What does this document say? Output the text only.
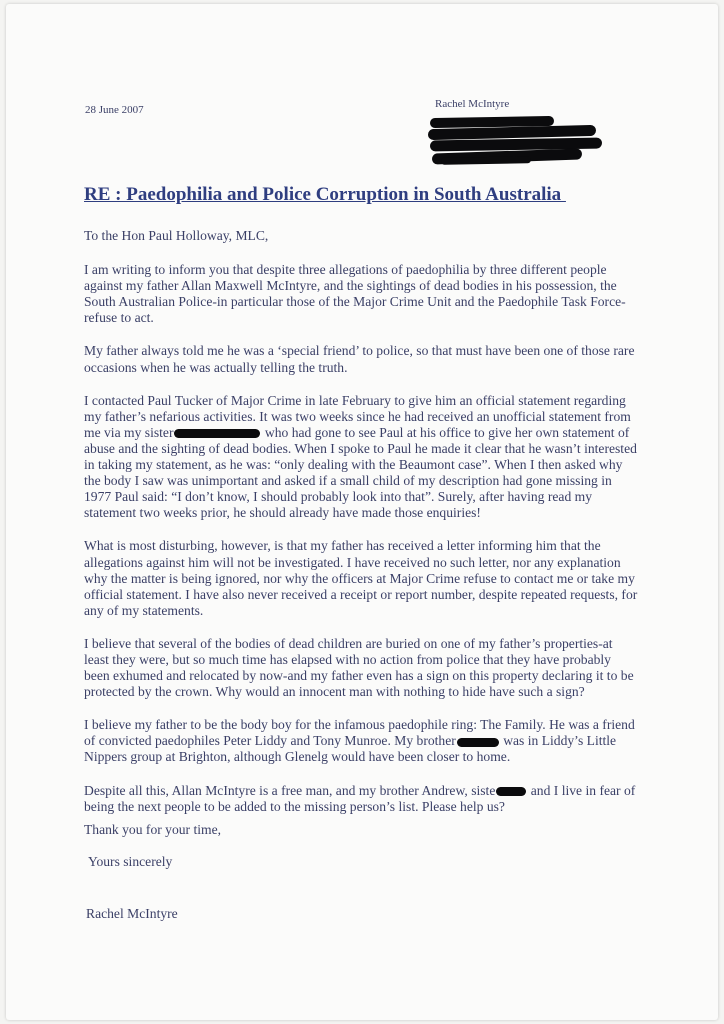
28 June 2007	Rachel McIntyre
RE : Paedophilia and Police Corruption in South Australia

To the Hon Paul Holloway, MLC,

I am writing to inform you that despite three allegations of paedophilia by three different people against my father Allan Maxwell McIntyre, and the sightings of dead bodies in his possession, the South Australian Police-in particular those of the Major Crime Unit and the Paedophile Task Force-refuse to act.

My father always told me he was a ‘special friend’ to police, so that must have been one of those rare occasions when he was actually telling the truth.

I contacted Paul Tucker of Major Crime in late February to give him an official statement regarding my father’s nefarious activities. It was two weeks since he had received an unofficial statement from me via my sister	who had gone to see Paul at his office to give her own statement of abuse and the sighting of dead bodies. When I spoke to Paul he made it clear that he wasn’t interested in taking my statement, as he was: “only dealing with the Beaumont case”. When I then asked why the body I saw was unimportant and asked if a small child of my description had gone missing in 1977 Paul said: “I don’t know, I should probably look into that”. Surely, after having read my statement two weeks prior, he should already have made those enquiries!

What is most disturbing, however, is that my father has received a letter informing him that the allegations against him will not be investigated. I have received no such letter, nor any explanation why the matter is being ignored, nor why the officers at Major Crime refuse to contact me or take my official statement. I have also never received a receipt or report number, despite repeated requests, for any of my statements.

I believe that several of the bodies of dead children are buried on one of my father’s properties-at least they were, but so much time has elapsed with no action from police that they have probably been exhumed and relocated by now-and my father even has a sign on this property declaring it to be protected by the crown. Why would an innocent man with nothing to hide have such a sign?

I believe my father to be the body boy for the infamous paedophile ring: The Family. He was a friend of convicted paedophiles Peter Liddy and Tony Munroe. My brother	was in Liddy’s Little Nippers group at Brighton, although Glenelg would have been closer to home.

Despite all this, Allan McIntyre is a free man, and my brother Andrew, siste and I live in fear of being the next people to be added to the missing person’s list. Please help us?

Thank you for your time,
Yours sincerely
Rachel McIntyre
